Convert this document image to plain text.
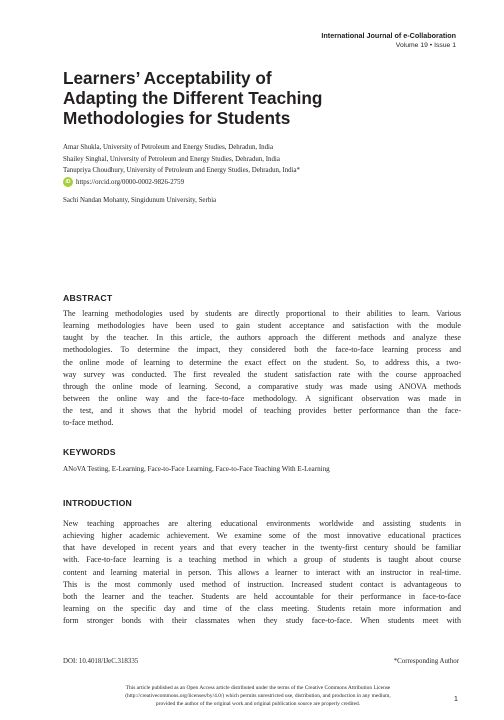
International Journal of e-Collaboration
Volume 19 • Issue 1
Learners’ Acceptability of
Adapting the Different Teaching
Methodologies for Students
Amar Shukla, University of Petroleum and Energy Studies, Dehradun, India
Shailey Singhal, University of Petroleum and Energy Studies, Dehradun, India
Tanupriya Choudhury, University of Petroleum and Energy Studies, Dehradun, India*
iD https://orcid.org/0000-0002-9826-2759
Sachi Nandan Mohanty, Singidunum University, Serbia
ABSTRACT
The learning methodologies used by students are directly proportional to their abilities to learn. Various
learning methodologies have been used to gain student acceptance and satisfaction with the module
taught by the teacher. In this article, the authors approach the different methods and analyze these
methodologies. To determine the impact, they considered both the face-to-face learning process and
the online mode of learning to determine the exact effect on the student. So, to address this, a two-
way survey was conducted. The first revealed the student satisfaction rate with the course approached
through the online mode of learning. Second, a comparative study was made using ANOVA methods
between the online way and the face-to-face methodology. A significant observation was made in
the test, and it shows that the hybrid model of teaching provides better performance than the face-
to-face method.
KEYWORDS
ANoVA Testing, E-Learning, Face-to-Face Learning, Face-to-Face Teaching With E-Learning
INTRODUCTION
New teaching approaches are altering educational environments worldwide and assisting students in
achieving higher academic achievement. We examine some of the most innovative educational practices
that have developed in recent years and that every teacher in the twenty-first century should be familiar
with. Face-to-face learning is a teaching method in which a group of students is taught about course
content and learning material in person. This allows a learner to interact with an instructor in real-time.
This is the most commonly used method of instruction. Increased student contact is advantageous to
both the learner and the teacher. Students are held accountable for their performance in face-to-face
learning on the specific day and time of the class meeting. Students retain more information and
form stronger bonds with their classmates when they study face-to-face. When students meet with
DOI: 10.4018/IJeC.318335	*Corresponding Author
This article published as an Open Access article distributed under the terms of the Creative Commons Attribution License
(http://creativecommons.org/licenses/by/4.0/) which permits unrestricted use, distribution, and production in any medium,
provided the author of the original work and original publication source are properly credited.
1
